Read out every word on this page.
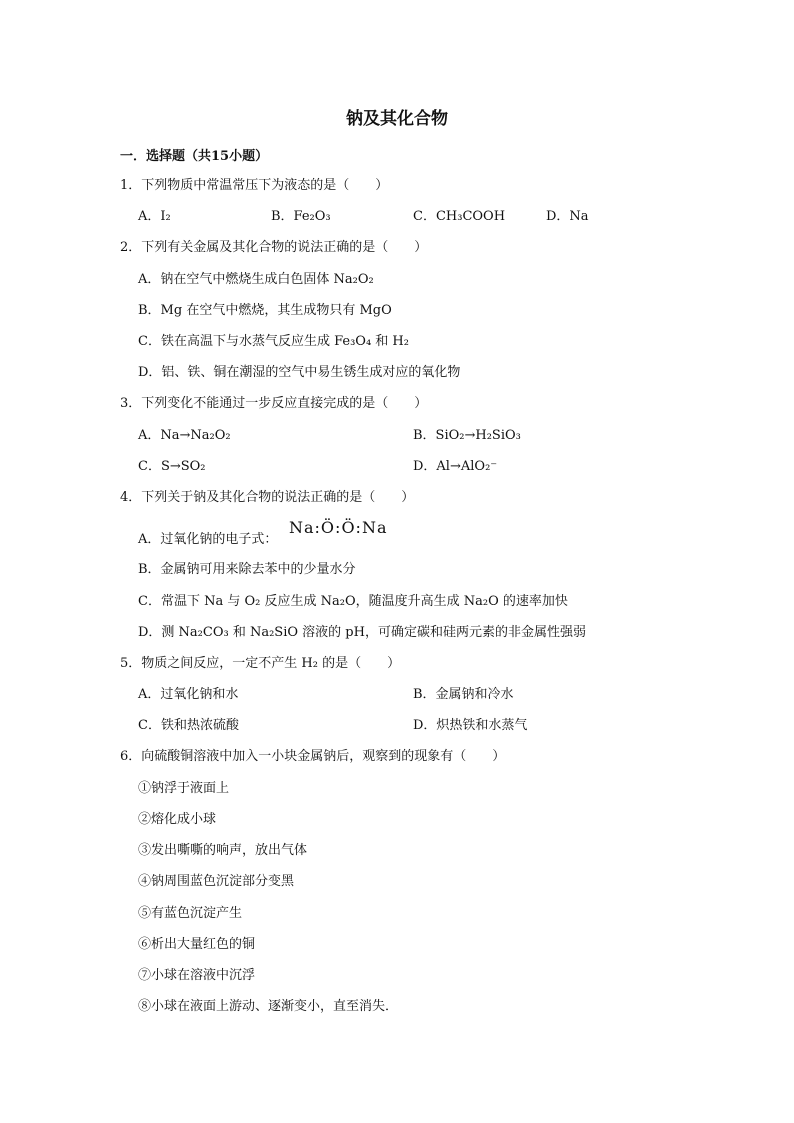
钠及其化合物
一．选择题（共15小题）
1．下列物质中常温常压下为液态的是（　　）
A．I₂	B．Fe₂O₃	C．CH₃COOH	D．Na
2．下列有关金属及其化合物的说法正确的是（　　）
A．钠在空气中燃烧生成白色固体 Na₂O₂
B．Mg 在空气中燃烧，其生成物只有 MgO
C．铁在高温下与水蒸气反应生成 Fe₃O₄ 和 H₂
D．铝、铁、铜在潮湿的空气中易生锈生成对应的氧化物
3．下列变化不能通过一步反应直接完成的是（　　）
A．Na→Na₂O₂	B．SiO₂→H₂SiO₃
C．S→SO₂	D．Al→AlO₂⁻
4．下列关于钠及其化合物的说法正确的是（　　）
A．过氧化钠的电子式：
Na:Ö:Ö:Na
B．金属钠可用来除去苯中的少量水分
C．常温下 Na 与 O₂ 反应生成 Na₂O，随温度升高生成 Na₂O 的速率加快
D．测 Na₂CO₃ 和 Na₂SiO 溶液的 pH，可确定碳和硅两元素的非金属性强弱
5．物质之间反应，一定不产生 H₂ 的是（　　）
A．过氧化钠和水	B．金属钠和冷水
C．铁和热浓硫酸	D．炽热铁和水蒸气
6．向硫酸铜溶液中加入一小块金属钠后，观察到的现象有（　　）
①钠浮于液面上
②熔化成小球
③发出嘶嘶的响声，放出气体
④钠周围蓝色沉淀部分变黑
⑤有蓝色沉淀产生
⑥析出大量红色的铜
⑦小球在溶液中沉浮
⑧小球在液面上游动、逐渐变小，直至消失．
